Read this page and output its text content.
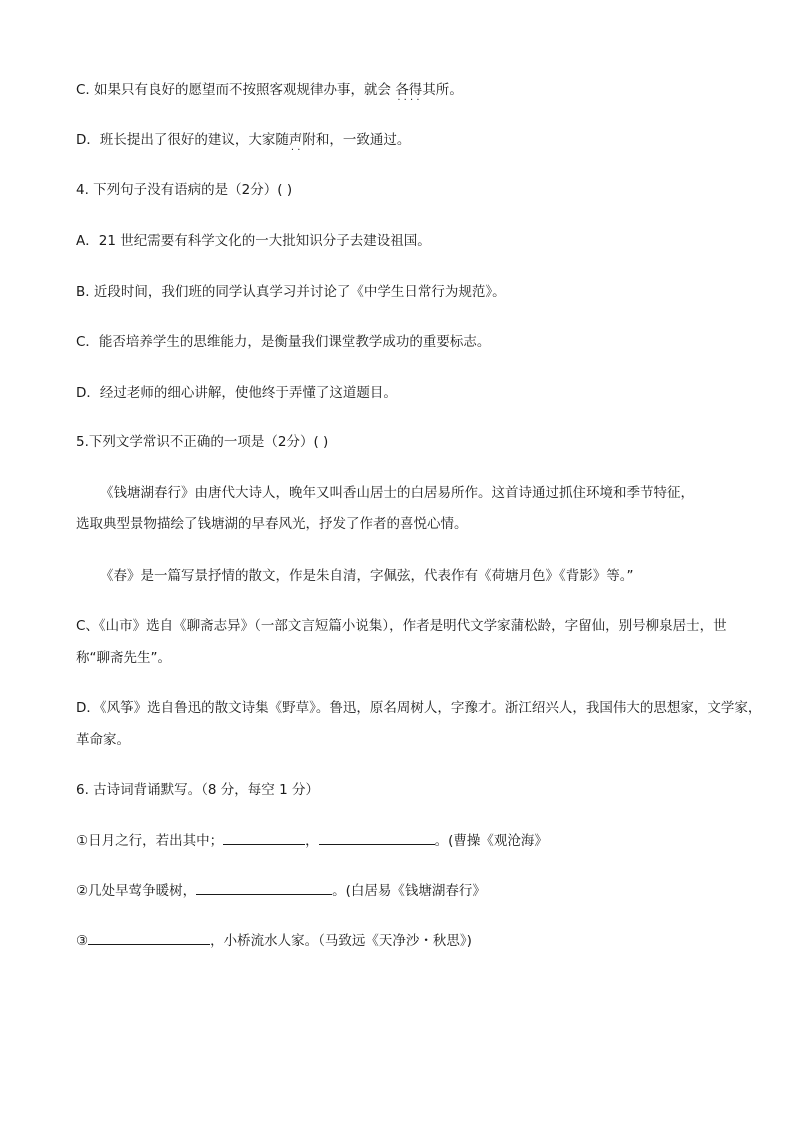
C. 如果只有良好的愿望而不按照客观规律办事，就会 各得其所 · · 。
D．班长提出了很好的建议，大家随声附 · ·和，一致通过。
4. 下列句子没有语病的是（2分）( )
A．21 世纪需要有科学文化的一大批知识分子去建设祖国。
B. 近段时间，我们班的同学认真学习并讨论了《中学生日常行为规范》。
C．能否培养学生的思维能力，是衡量我们课堂教学成功的重要标志。
D．经过老师的细心讲解，使他终于弄懂了这道题目。
5.下列文学常识不正确的一项是（2分）( )
《钱塘湖春行》由唐代大诗人，晚年又叫香山居士的白居易所作。这首诗通过抓住环境和季节特征，
选取典型景物描绘了钱塘湖的早春风光，抒发了作者的喜悦心情。
《春》是一篇写景抒情的散文，作是朱自清，字佩弦，代表作有《荷塘月色》《背影》等。”
C、《山市》选自《聊斋志异》（一部文言短篇小说集），作者是明代文学家蒲松龄，字留仙，别号柳泉居士，世
称“聊斋先生”。
D．《风筝》选自鲁迅的散文诗集《野草》。鲁迅，原名周树人，字豫才。浙江绍兴人，我国伟大的思想家，文学家，
革命家。
6. 古诗词背诵默写。（8 分，每空 1 分）
①日月之行，若出其中；	，	。(曹操《观沧海》
②几处早莺争暖树，	。(白居易《钱塘湖春行》
③	，小桥流水人家。（马致远《天净沙・秋思》)
